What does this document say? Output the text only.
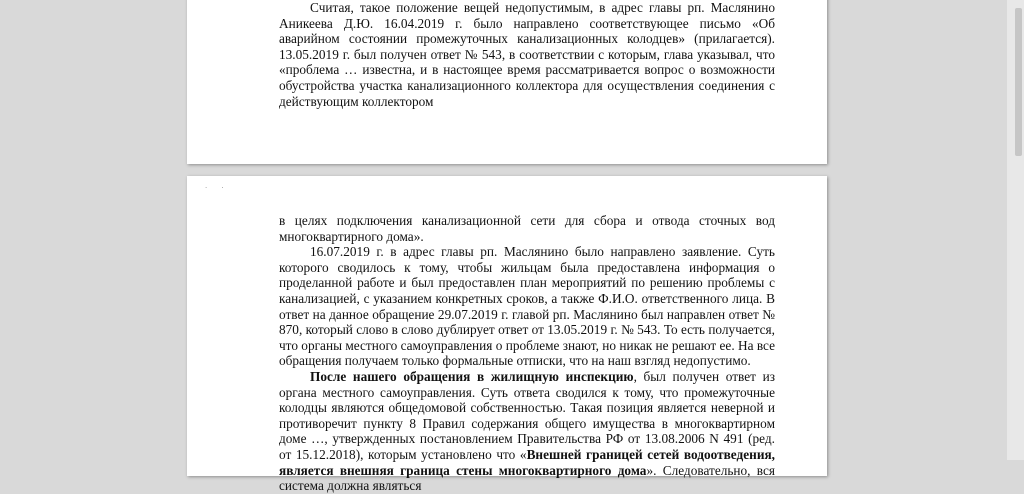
Считая, такое положение вещей недопустимым, в адрес главы рп. Маслянино Аникеева Д.Ю. 16.04.2019 г. было направлено соответствующее письмо «Об аварийном состоянии промежуточных канализационных колодцев» (прилагается). 13.05.2019 г. был получен ответ № 543, в соответствии с которым, глава указывал, что «проблема … известна, и в настоящее время рассматривается вопрос о возможности обустройства участка канализационного коллектора для осуществления соединения с действующим коллектором

· ·

в целях подключения канализационной сети для сбора и отвода сточных вод многоквартирного дома».

16.07.2019 г. в адрес главы рп. Маслянино было направлено заявление. Суть которого сводилось к тому, чтобы жильцам была предоставлена информация о проделанной работе и был предоставлен план мероприятий по решению проблемы с канализацией, с указанием конкретных сроков, а также Ф.И.О. ответственного лица. В ответ на данное обращение 29.07.2019 г. главой рп. Маслянино был направлен ответ № 870, который слово в слово дублирует ответ от 13.05.2019 г. № 543. То есть получается, что органы местного самоуправления о проблеме знают, но никак не решают ее. На все обращения получаем только формальные отписки, что на наш взгляд недопустимо.

После нашего обращения в жилищную инспекцию, был получен ответ из органа местного самоуправления. Суть ответа сводился к тому, что промежуточные колодцы являются общедомовой собственностью. Такая позиция является неверной и противоречит пункту 8 Правил содержания общего имущества в многоквартирном доме …, утвержденных постановлением Правительства РФ от 13.08.2006 N 491 (ред. от 15.12.2018), которым установлено что «Внешней границей сетей водоотведения, является внешняя граница стены многоквартирного дома». Следовательно, вся система должна являться
